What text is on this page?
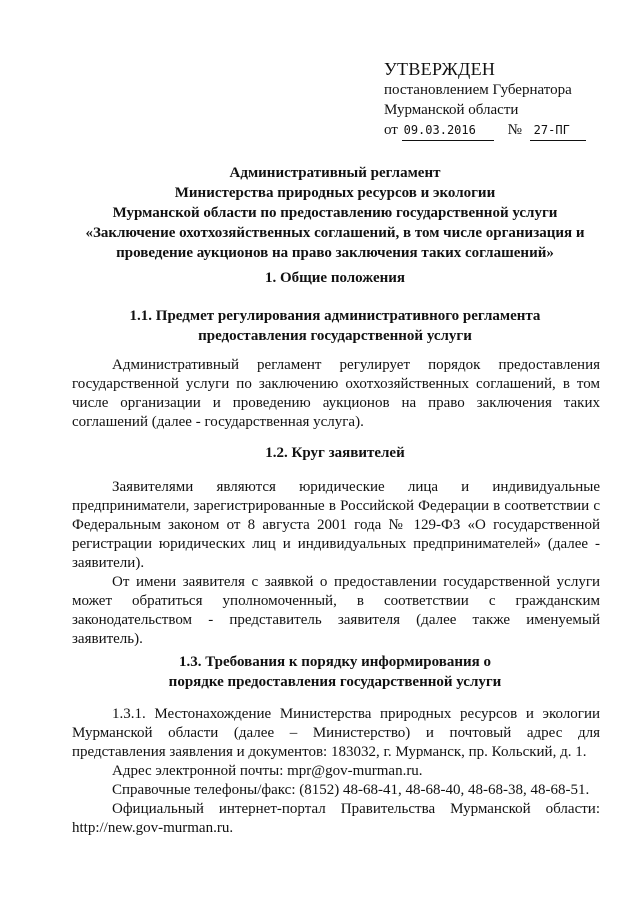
УТВЕРЖДЕН
постановлением Губернатора
Мурманской области
от 09.03.2016 № 27-ПГ
Административный регламент
Министерства природных ресурсов и экологии
Мурманской области по предоставлению государственной услуги
«Заключение охотхозяйственных соглашений, в том числе организация и
проведение аукционов на право заключения таких соглашений»
1. Общие положения
1.1. Предмет регулирования административного регламента
предоставления государственной услуги

Административный регламент регулирует порядок предоставления государственной услуги по заключению охотхозяйственных соглашений, в том числе организации и проведению аукционов на право заключения таких соглашений (далее - государственная услуга).

1.2. Круг заявителей

Заявителями являются юридические лица и индивидуальные предприниматели, зарегистрированные в Российской Федерации в соответствии с Федеральным законом от 8 августа 2001 года № 129-ФЗ «О государственной регистрации юридических лиц и индивидуальных предпринимателей» (далее - заявители).

От имени заявителя с заявкой о предоставлении государственной услуги может обратиться уполномоченный, в соответствии с гражданским законодательством - представитель заявителя (далее также именуемый заявитель).

1.3. Требования к порядку информирования о
порядке предоставления государственной услуги

1.3.1. Местонахождение Министерства природных ресурсов и экологии Мурманской области (далее – Министерство) и почтовый адрес для представления заявления и документов: 183032, г. Мурманск, пр. Кольский, д. 1.

Адрес электронной почты: mpr@gov-murman.ru.

Справочные телефоны/факс: (8152) 48-68-41, 48-68-40, 48-68-38, 48-68-51.

Официальный интернет-портал Правительства Мурманской области: http://new.gov-murman.ru.
